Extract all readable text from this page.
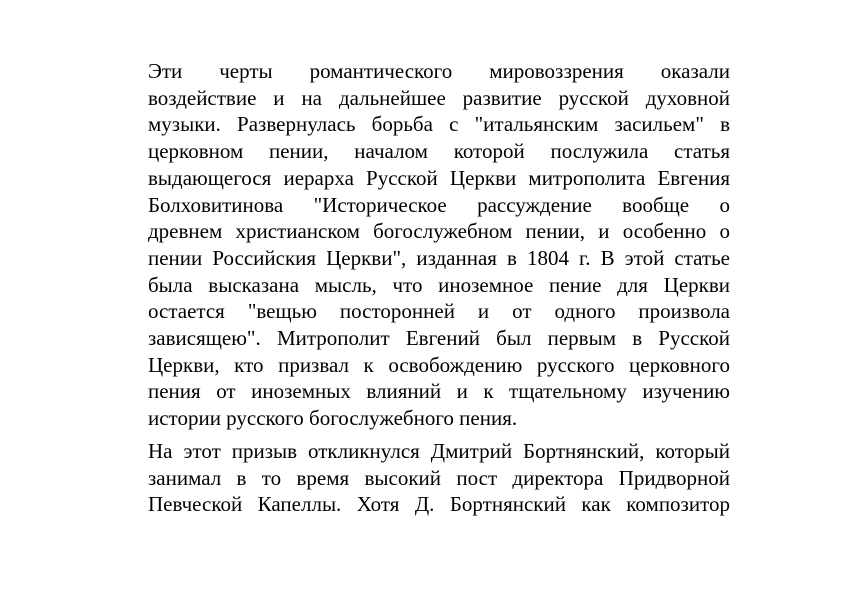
Эти черты романтического мировоззрения оказали
воздействие и на дальнейшее развитие русской духовной
музыки. Развернулась борьба с "итальянским засильем" в
церковном пении, началом которой послужила статья
выдающегося иерарха Русской Церкви митрополита Евгения
Болховитинова "Историческое рассуждение вообще о
древнем христианском богослужебном пении, и особенно о
пении Российския Церкви", изданная в 1804 г. В этой статье
была высказана мысль, что иноземное пение для Церкви
остается "вещью посторонней и от одного произвола
зависящею". Митрополит Евгений был первым в Русской
Церкви, кто призвал к освобождению русского церковного
пения от иноземных влияний и к тщательному изучению
истории русского богослужебного пения.

На этот призыв откликнулся Дмитрий Бортнянский, который
занимал в то время высокий пост директора Придворной
Певческой Капеллы. Хотя Д. Бортнянский как композитор
